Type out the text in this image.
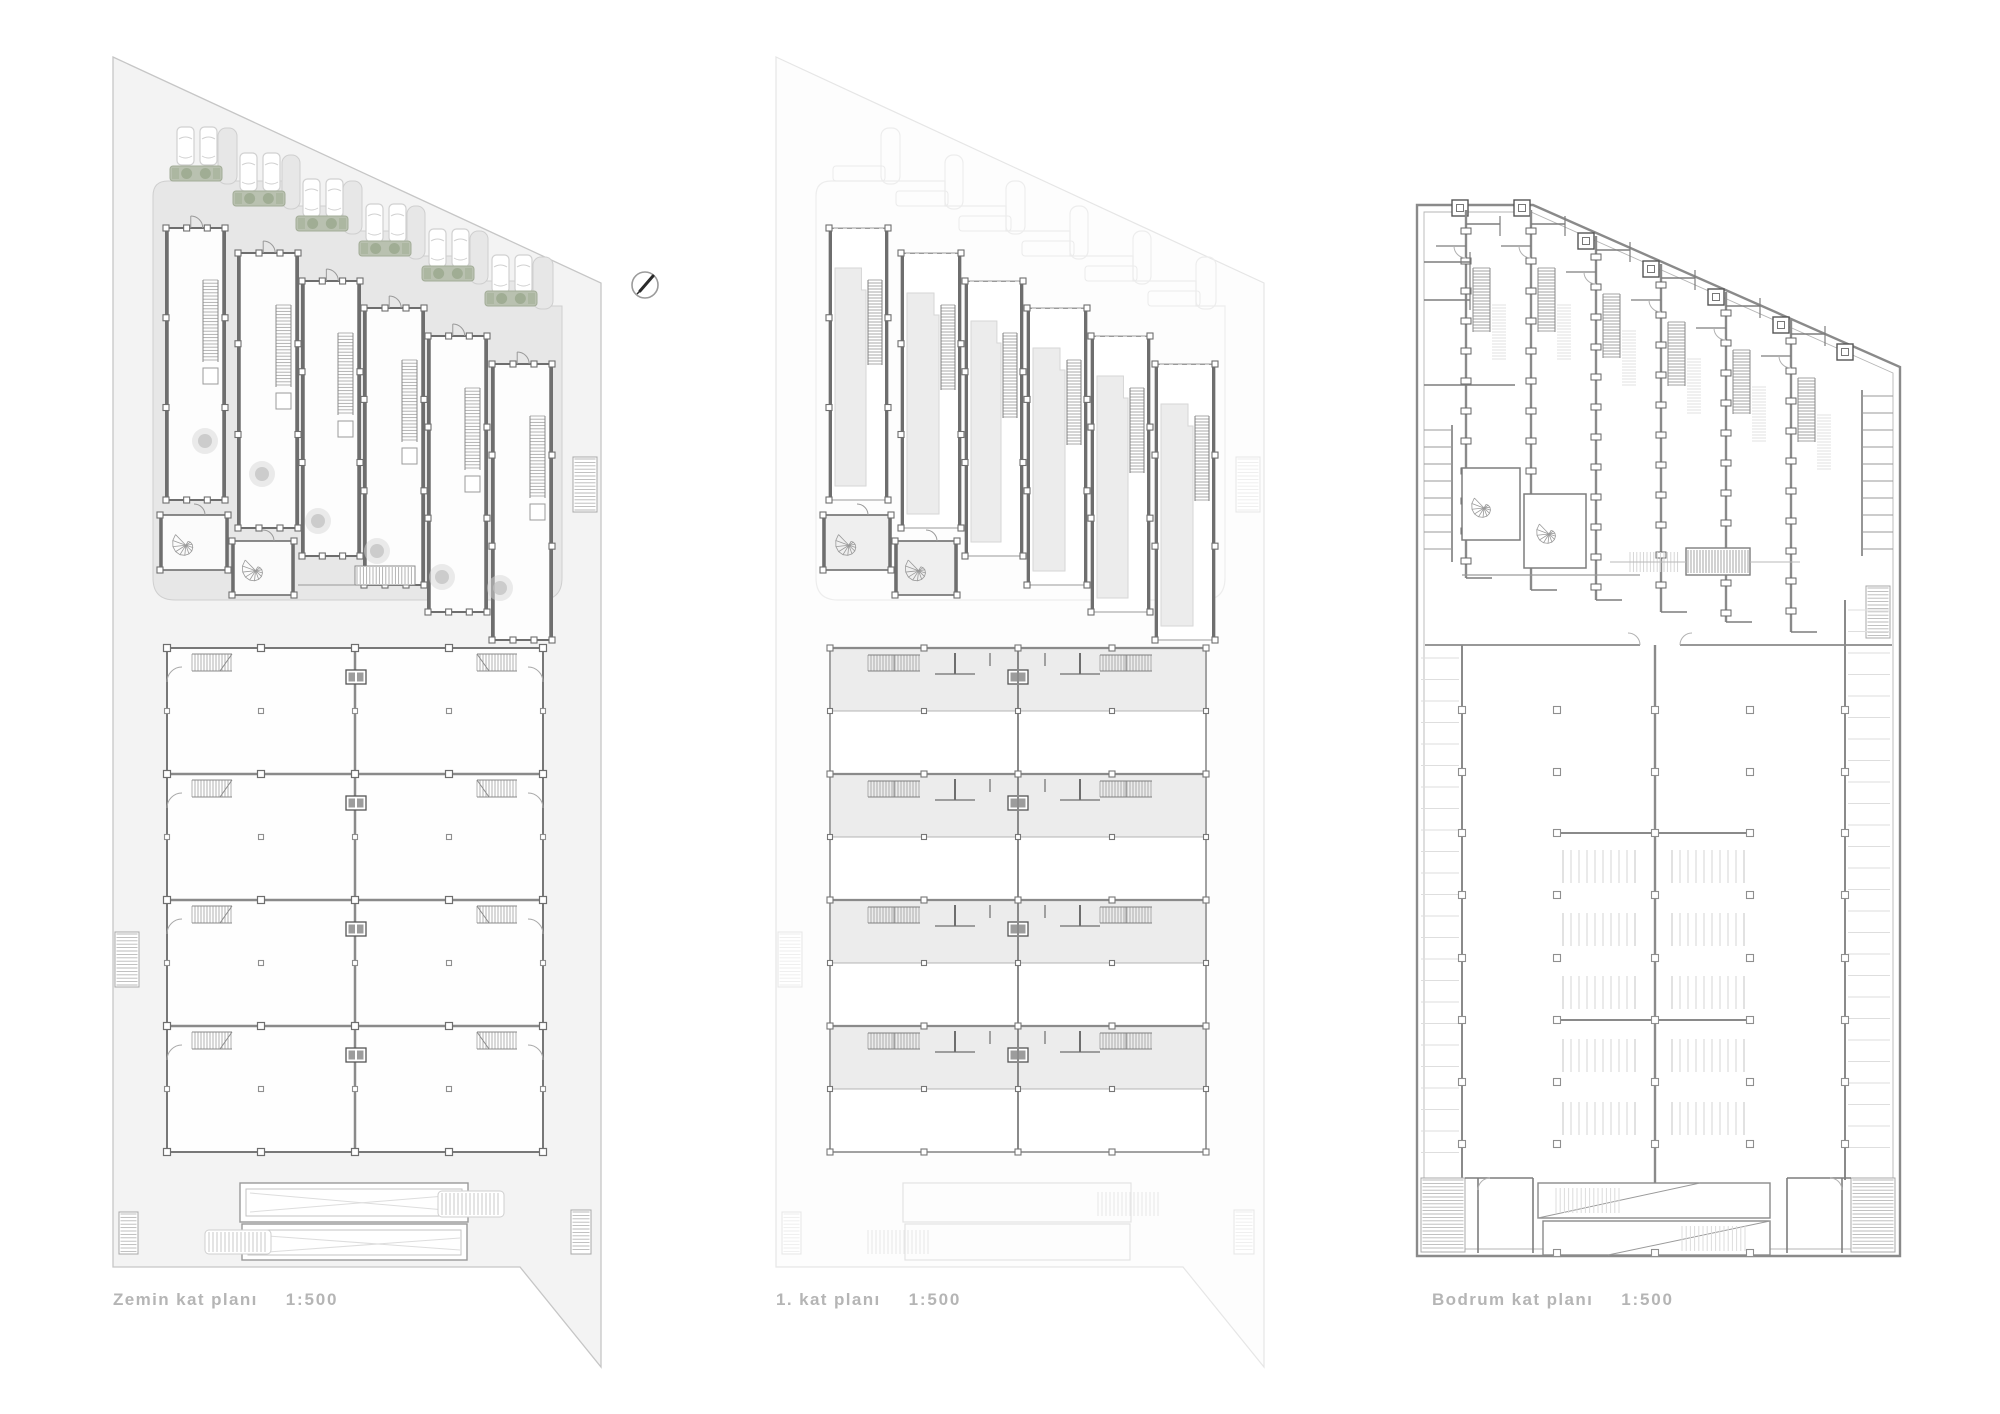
Zemin kat planı 1:500	1. kat planı 1:500	Bodrum kat planı 1:500
